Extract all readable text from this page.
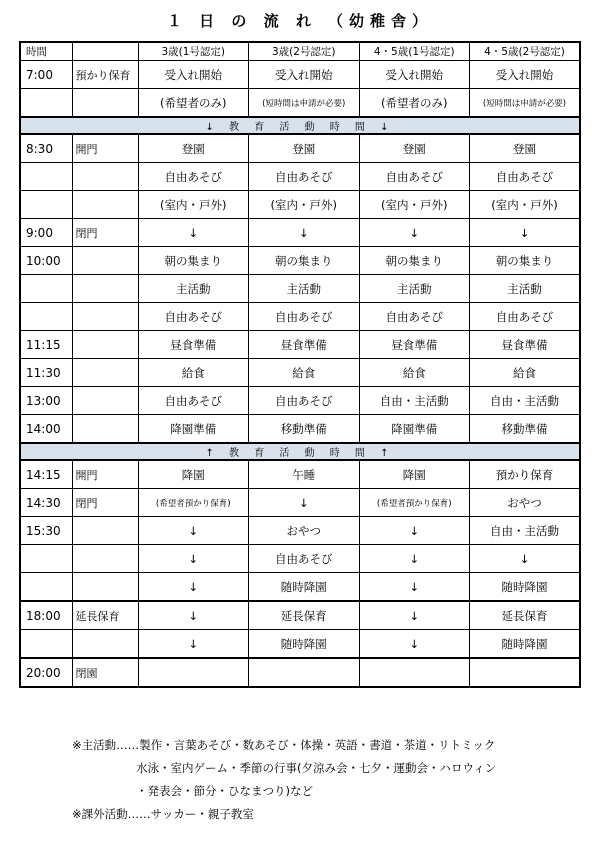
１ 日 の 流 れ （幼稚舎）
時間		3歳(1号認定)	3歳(2号認定)	4・5歳(1号認定)	4・5歳(2号認定)
7:00	預かり保育	受入れ開始	受入れ開始	受入れ開始	受入れ開始
		(希望者のみ)	(短時間は申請が必要)	(希望者のみ)	(短時間は申請が必要)
↓ 教 育 活 動 時 間 ↓					
8:30	開門	登園	登園	登園	登園
		自由あそび	自由あそび	自由あそび	自由あそび
		(室内・戸外)	(室内・戸外)	(室内・戸外)	(室内・戸外)
9:00	閉門	↓	↓	↓	↓
10:00		朝の集まり	朝の集まり	朝の集まり	朝の集まり
		主活動	主活動	主活動	主活動
		自由あそび	自由あそび	自由あそび	自由あそび
11:15		昼食準備	昼食準備	昼食準備	昼食準備
11:30		給食	給食	給食	給食
13:00		自由あそび	自由あそび	自由・主活動	自由・主活動
14:00		降園準備	移動準備	降園準備	移動準備
↑ 教 育 活 動 時 間 ↑					
14:15	開門	降園	午睡	降園	預かり保育
14:30	閉門	(希望者預かり保育)	↓	(希望者預かり保育)	おやつ
15:30		↓	おやつ	↓	自由・主活動
		↓	自由あそび	↓	↓
		↓	随時降園	↓	随時降園
18:00	延長保育	↓	延長保育	↓	延長保育
		↓	随時降園	↓	随時降園
20:00	閉園				
※主活動……製作・言葉あそび・数あそび・体操・英語・書道・茶道・リトミック
水泳・室内ゲーム・季節の行事(夕涼み会・七夕・運動会・ハロウィン
・発表会・節分・ひなまつり)など
※課外活動……サッカー・親子教室
